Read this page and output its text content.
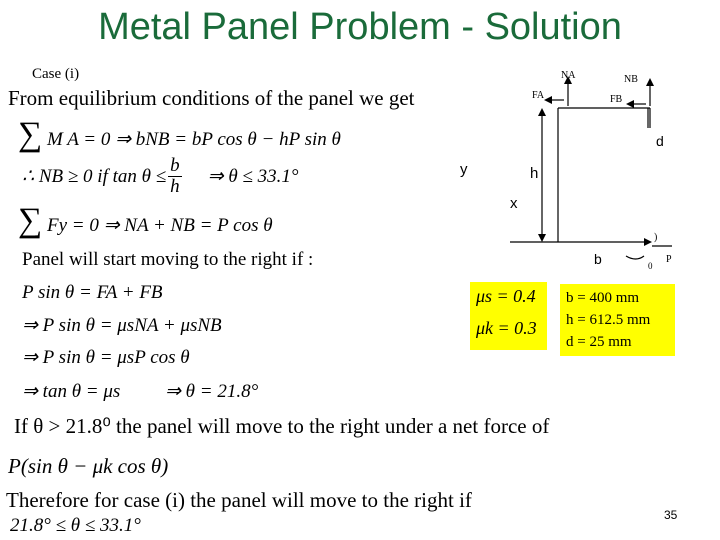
Metal Panel Problem - Solution
Case (i)
From equilibrium conditions of the panel we get
∑ M A = 0 ⇒ bNB = bP cos θ − hP sin θ
∴ NB ≥ 0 if $\tan \theta \le \frac{b}{h}$ ⇒ θ ≤ 33.1°
∑ Fy = 0 ⇒ NA + NB = P cos θ
Panel will start moving to the right if :
P sin θ = FA + FB
⇒ P sin θ = μsNA + μsNB
⇒ P sin θ = μsP cos θ
⇒ tan θ = μs ⇒ θ = 21.8°
μs = 0.4
μk = 0.3
b = 400 mm
h = 612.5 mm
d = 25 mm
NA	NB
FA	FB
d
y	h
x
b	0
P
)
If θ > 21.8⁰ the panel will move to the right under a net force of
P(sin θ − μk cos θ)
Therefore for case (i) the panel will move to the right if
21.8° ≤ θ ≤ 33.1°	35
